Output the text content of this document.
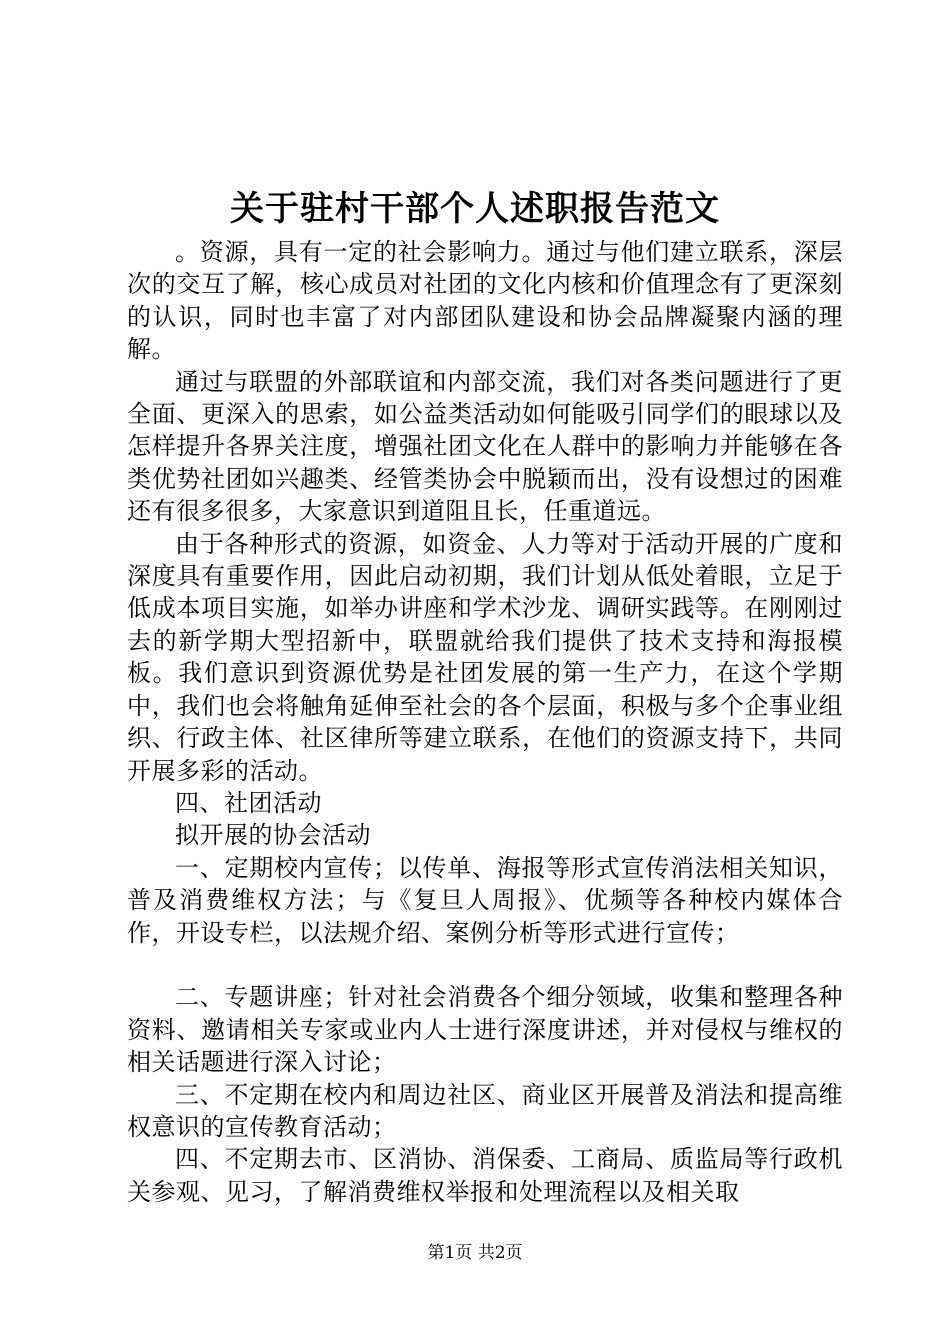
关于驻村干部个人述职报告范文

。资源，具有一定的社会影响力。通过与他们建立联系，深层次的交互了解，核心成员对社团的文化内核和价值理念有了更深刻的认识，同时也丰富了对内部团队建设和协会品牌凝聚内涵的理解。

通过与联盟的外部联谊和内部交流，我们对各类问题进行了更全面、更深入的思索，如公益类活动如何能吸引同学们的眼球以及怎样提升各界关注度，增强社团文化在人群中的影响力并能够在各类优势社团如兴趣类、经管类协会中脱颖而出，没有设想过的困难还有很多很多，大家意识到道阻且长，任重道远。

由于各种形式的资源，如资金、人力等对于活动开展的广度和深度具有重要作用，因此启动初期，我们计划从低处着眼，立足于低成本项目实施，如举办讲座和学术沙龙、调研实践等。在刚刚过去的新学期大型招新中，联盟就给我们提供了技术支持和海报模板。我们意识到资源优势是社团发展的第一生产力，在这个学期中，我们也会将触角延伸至社会的各个层面，积极与多个企事业组织、行政主体、社区律所等建立联系，在他们的资源支持下，共同开展多彩的活动。

四、社团活动

拟开展的协会活动

一、定期校内宣传；以传单、海报等形式宣传消法相关知识，普及消费维权方法；与《复旦人周报》、优频等各种校内媒体合作，开设专栏，以法规介绍、案例分析等形式进行宣传；

二、专题讲座；针对社会消费各个细分领域，收集和整理各种资料、邀请相关专家或业内人士进行深度讲述，并对侵权与维权的相关话题进行深入讨论；

三、不定期在校内和周边社区、商业区开展普及消法和提高维权意识的宣传教育活动；

四、不定期去市、区消协、消保委、工商局、质监局等行政机关参观、见习，了解消费维权举报和处理流程以及相关取

第1页 共2页
